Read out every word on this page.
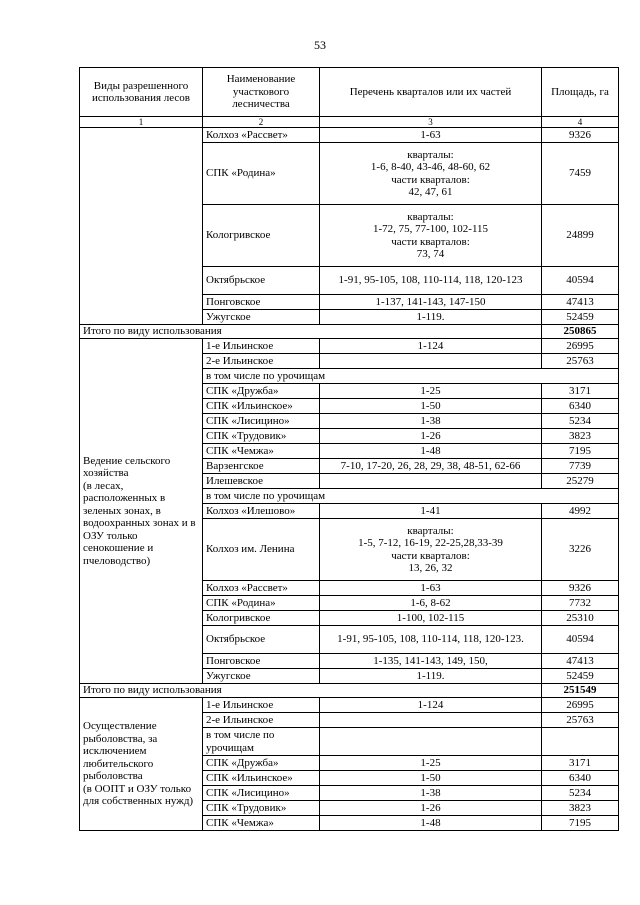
53
Виды разрешенного использования лесов	Наименование участкового лесничества	Перечень кварталов или их частей	Площадь, га
1	2	3	4
	Колхоз «Рассвет»	1-63	9326
	СПК «Родина»	кварталы:
1-6, 8-40, 43-46, 48-60, 62
части кварталов:
42, 47, 61	7459
	Кологривское	кварталы:
1-72, 75, 77-100, 102-115
части кварталов:
73, 74	24899
	Октябрьское	1-91, 95-105, 108, 110-114, 118, 120-123	40594
	Понговское	1-137, 141-143, 147-150	47413
	Ужугское	1-119.	52459
Итого по виду использования			250865
Ведение сельского хозяйства
(в лесах, расположенных в зеленых зонах, в водоохранных зонах и в ОЗУ только сенокошение и пчеловодство)	1-е Ильинское	1-124	26995
	2-е Ильинское		25763
	в том числе по урочищам		
	СПК «Дружба»	1-25	3171
	СПК «Ильинское»	1-50	6340
	СПК «Лисицино»	1-38	5234
	СПК «Трудовик»	1-26	3823
	СПК «Чемжа»	1-48	7195
	Варзенгское	7-10, 17-20, 26, 28, 29, 38, 48-51, 62-66	7739
	Илешевское		25279
	в том числе по урочищам		
	Колхоз «Илешово»	1-41	4992
	Колхоз им. Ленина	кварталы:
1-5, 7-12, 16-19, 22-25,28,33-39
части кварталов:
13, 26, 32	3226
	Колхоз «Рассвет»	1-63	9326
	СПК «Родина»	1-6, 8-62	7732
	Кологривское	1-100, 102-115	25310
	Октябрьское	1-91, 95-105, 108, 110-114, 118, 120-123.	40594
	Понговское	1-135, 141-143, 149, 150,	47413
	Ужугское	1-119.	52459
Итого по виду использования			251549
Осуществление рыболовства, за исключением любительского рыболовства
(в ООПТ и ОЗУ только для собственных нужд)	1-е Ильинское	1-124	26995
	2-е Ильинское		25763
	в том числе по урочищам		
	СПК «Дружба»	1-25	3171
	СПК «Ильинское»	1-50	6340
	СПК «Лисицино»	1-38	5234
	СПК «Трудовик»	1-26	3823
	СПК «Чемжа»	1-48	7195
